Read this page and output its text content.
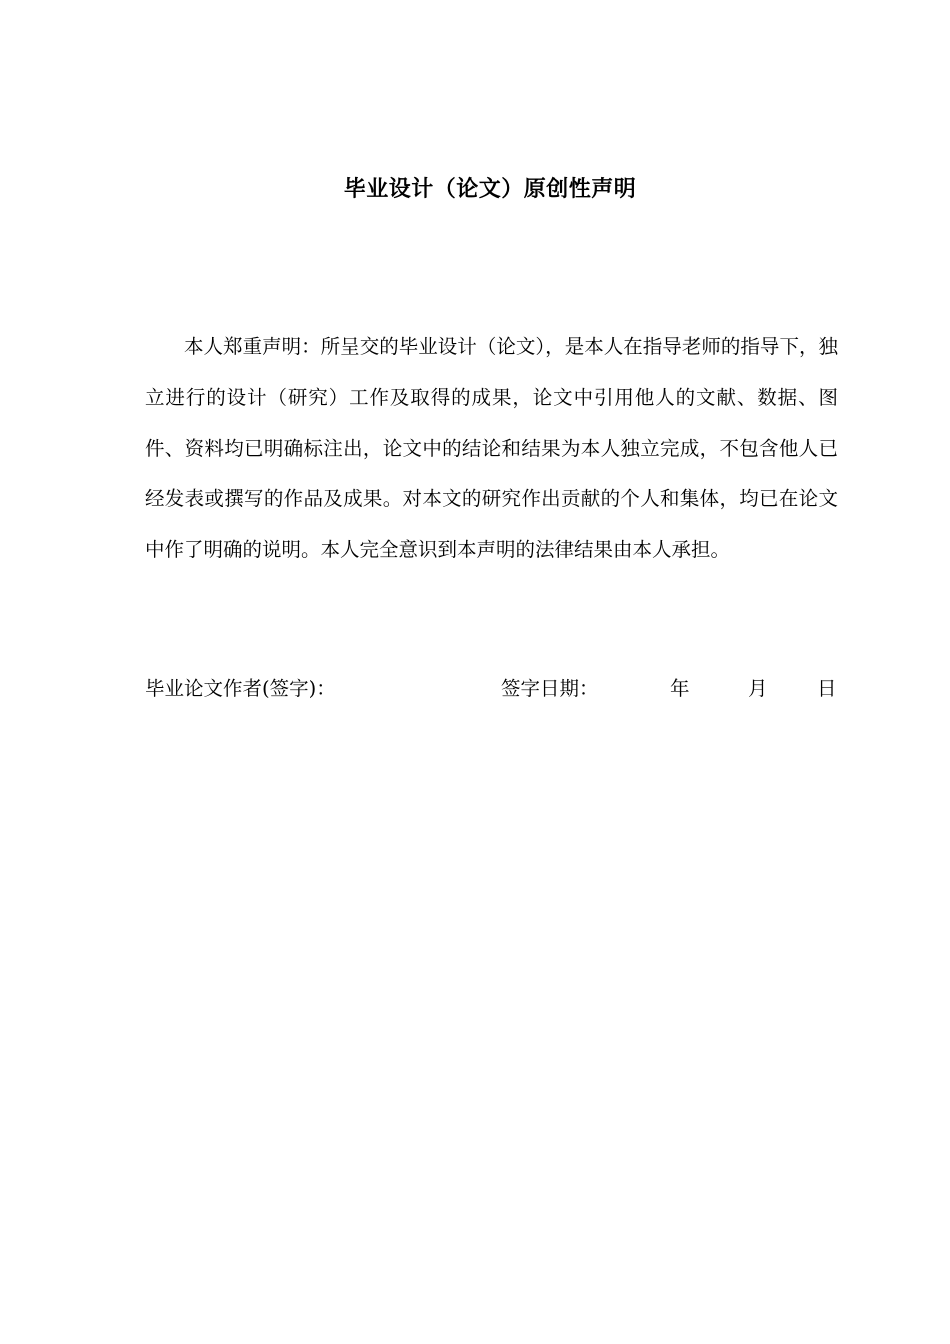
毕业设计（论文）原创性声明

本人郑重声明：所呈交的毕业设计（论文），是本人在指导老师的指导下，独立进行的设计（研究）工作及取得的成果，论文中引用他人的文献、数据、图件、资料均已明确标注出，论文中的结论和结果为本人独立完成，不包含他人已经发表或撰写的作品及成果。对本文的研究作出贡献的个人和集体，均已在论文中作了明确的说明。本人完全意识到本声明的法律结果由本人承担。

毕业论文作者(签字)：	签字日期：	年	月	日
